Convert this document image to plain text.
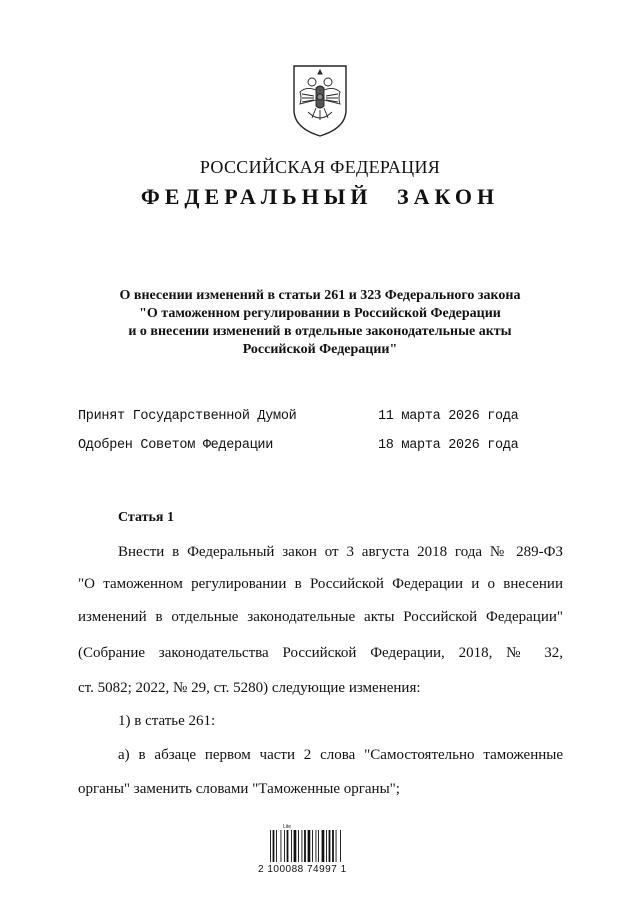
РОССИЙСКАЯ ФЕДЕРАЦИЯ
ФЕДЕРАЛЬНЫЙ ЗАКОН
О внесении изменений в статьи 261 и 323 Федерального закона
"О таможенном регулировании в Российской Федерации
и о внесении изменений в отдельные законодательные акты
Российской Федерации"
Принят Государственной Думой	11 марта 2026 года
Одобрен Советом Федерации	18 марта 2026 года
Статья 1
Внести в Федеральный закон от 3 августа 2018 года № 289-ФЗ
"О таможенном регулировании в Российской Федерации и о внесении
изменений в отдельные законодательные акты Российской Федерации"
(Собрание законодательства Российской Федерации, 2018, № 32,
ст. 5082; 2022, № 29, ст. 5280) следующие изменения:
1) в статье 261:
а) в абзаце первом части 2 слова "Самостоятельно таможенные
органы" заменить словами "Таможенные органы";
Lite
2 100088 74997 1
